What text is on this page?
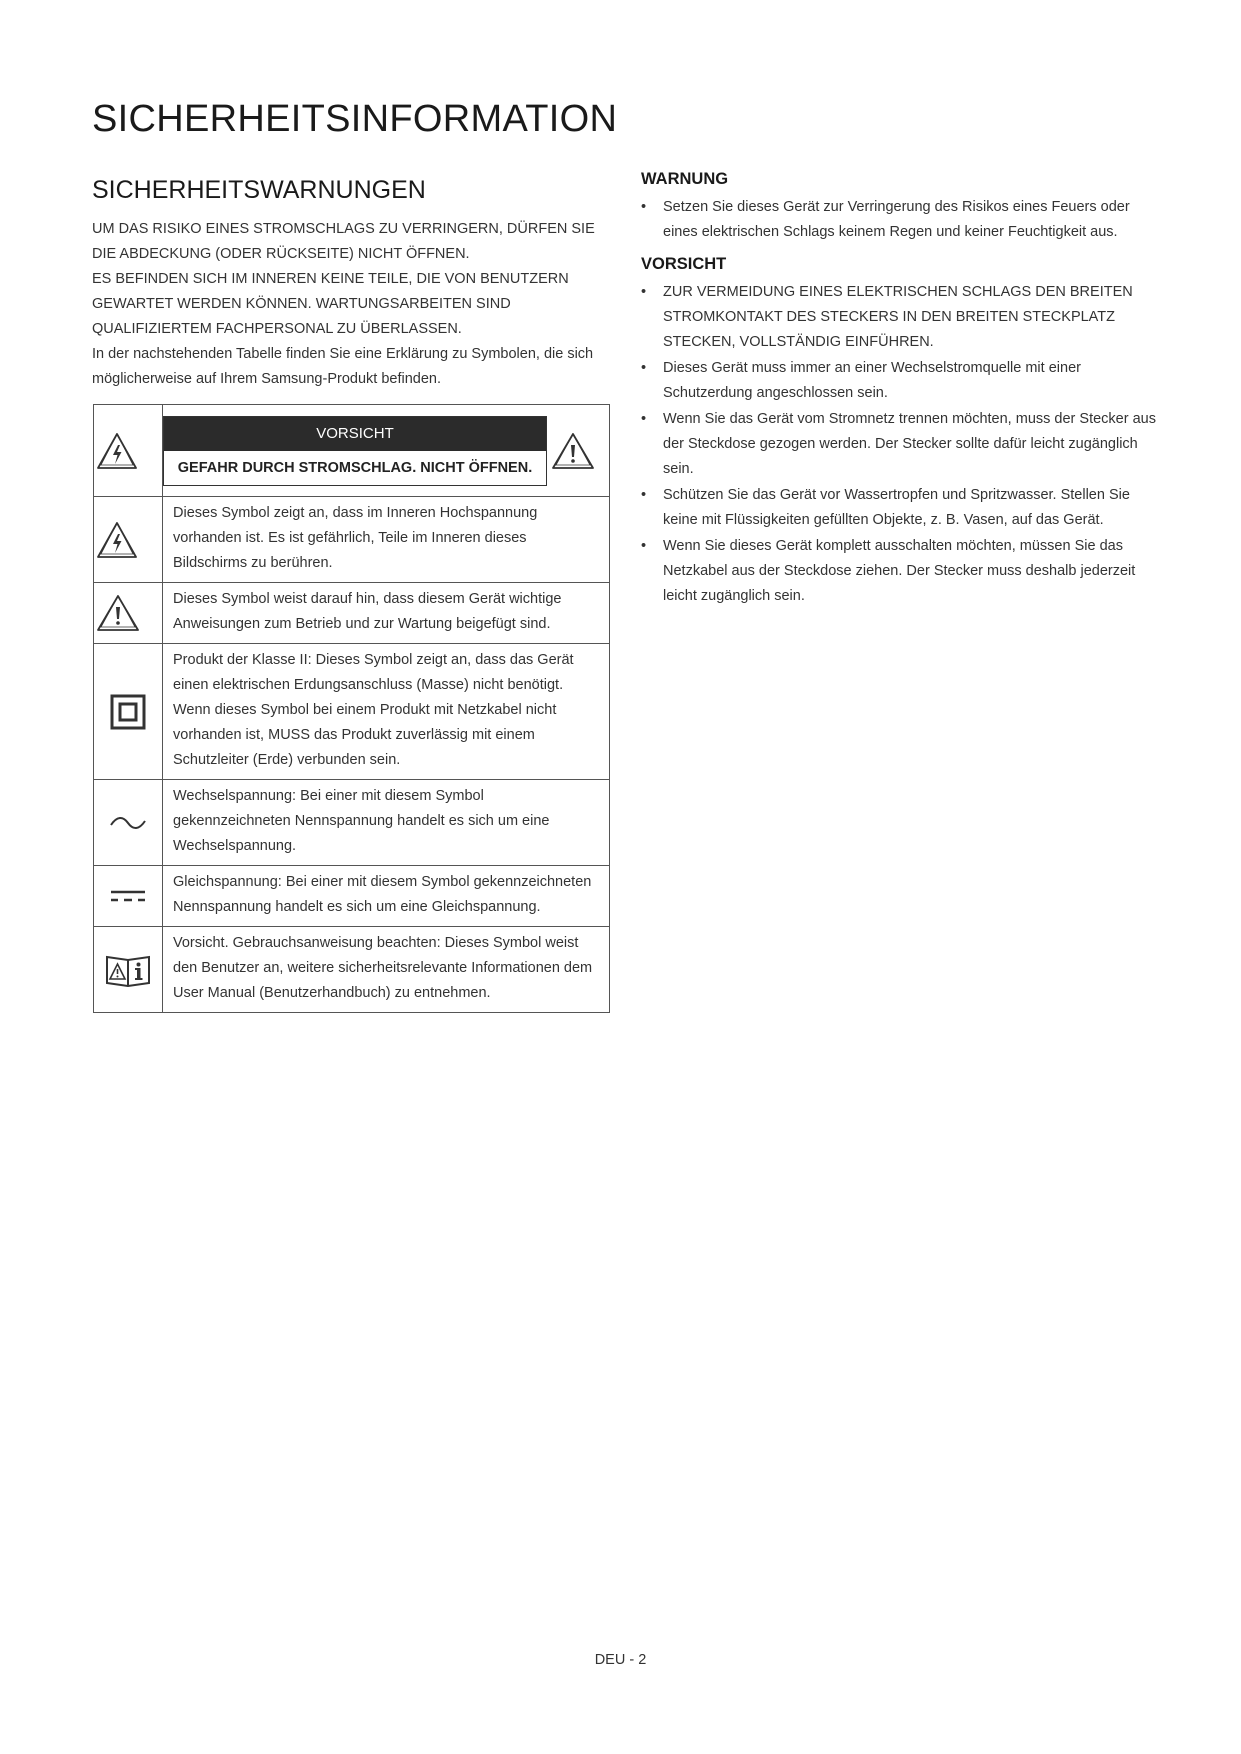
SICHERHEITSINFORMATION
SICHERHEITSWARNUNGEN

UM DAS RISIKO EINES STROMSCHLAGS ZU VERRINGERN, DÜRFEN SIE DIE ABDECKUNG (ODER RÜCKSEITE) NICHT ÖFFNEN.

ES BEFINDEN SICH IM INNEREN KEINE TEILE, DIE VON BENUTZERN GEWARTET WERDEN KÖNNEN. WARTUNGSARBEITEN SIND QUALIFIZIERTEM FACHPERSONAL ZU ÜBERLASSEN.

In der nachstehenden Tabelle finden Sie eine Erklärung zu Symbolen, die sich möglicherweise auf Ihrem Samsung-Produkt befinden.

VORSICHT
GEFAHR DURCH STROMSCHLAG. NICHT ÖFFNEN.

	Dieses Symbol zeigt an, dass im Inneren Hochspannung vorhanden ist. Es ist gefährlich, Teile im Inneren dieses Bildschirms zu berühren.

	Dieses Symbol weist darauf hin, dass diesem Gerät wichtige Anweisungen zum Betrieb und zur Wartung beigefügt sind.

	Produkt der Klasse II: Dieses Symbol zeigt an, dass das Gerät einen elektrischen Erdungsanschluss (Masse) nicht benötigt. Wenn dieses Symbol bei einem Produkt mit Netzkabel nicht vorhanden ist, MUSS das Produkt zuverlässig mit einem Schutzleiter (Erde) verbunden sein.

	Wechselspannung: Bei einer mit diesem Symbol gekennzeichneten Nennspannung handelt es sich um eine Wechselspannung.

	Gleichspannung: Bei einer mit diesem Symbol gekennzeichneten Nennspannung handelt es sich um eine Gleichspannung.

	Vorsicht. Gebrauchsanweisung beachten: Dieses Symbol weist den Benutzer an, weitere sicherheitsrelevante Informationen dem User Manual (Benutzerhandbuch) zu entnehmen.
WARNUNG
• Setzen Sie dieses Gerät zur Verringerung des Risikos eines Feuers oder eines elektrischen Schlags keinem Regen und keiner Feuchtigkeit aus.
VORSICHT
• ZUR VERMEIDUNG EINES ELEKTRISCHEN SCHLAGS DEN BREITEN STROMKONTAKT DES STECKERS IN DEN BREITEN STECKPLATZ STECKEN, VOLLSTÄNDIG EINFÜHREN.
• Dieses Gerät muss immer an einer Wechselstromquelle mit einer Schutzerdung angeschlossen sein.
• Wenn Sie das Gerät vom Stromnetz trennen möchten, muss der Stecker aus der Steckdose gezogen werden. Der Stecker sollte dafür leicht zugänglich sein.
• Schützen Sie das Gerät vor Wassertropfen und Spritzwasser. Stellen Sie keine mit Flüssigkeiten gefüllten Objekte, z. B. Vasen, auf das Gerät.
• Wenn Sie dieses Gerät komplett ausschalten möchten, müssen Sie das Netzkabel aus der Steckdose ziehen. Der Stecker muss deshalb jederzeit leicht zugänglich sein.
DEU - 2
